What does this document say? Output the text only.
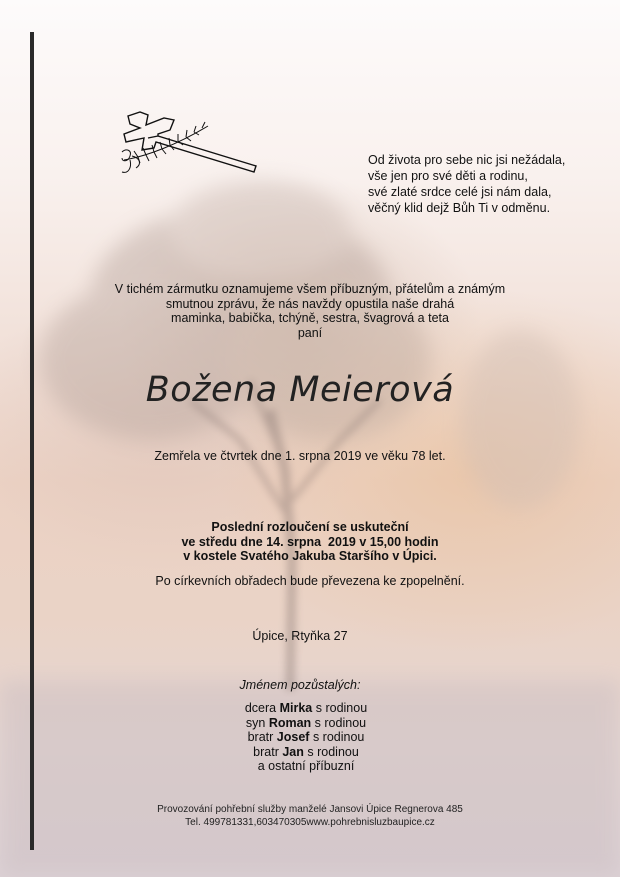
Od života pro sebe nic jsi nežádala,
vše jen pro své děti a rodinu,
své zlaté srdce celé jsi nám dala,
věčný klid dejž Bůh Ti v odměnu.
V tichém zármutku oznamujeme všem příbuzným, přátelům a známým
smutnou zprávu, že nás navždy opustila naše drahá
maminka, babička, tchýně, sestra, švagrová a teta
paní
Božena Meierová
Zemřela ve čtvrtek dne 1. srpna 2019 ve věku 78 let.
Poslední rozloučení se uskuteční
ve středu dne 14. srpna  2019 v 15,00 hodin
v kostele Svatého Jakuba Staršího v Úpici.
Po církevních obřadech bude převezena ke zpopelnění.
Úpice, Rtyňka 27
Jménem pozůstalých:
dcera Mirka s rodinou
syn Roman s rodinou
bratr Josef s rodinou
bratr Jan s rodinou
a ostatní příbuzní
Provozování pohřební služby manželé Jansovi Úpice Regnerova 485
Tel. 499781331,603470305www.pohrebnisluzbaupice.cz
